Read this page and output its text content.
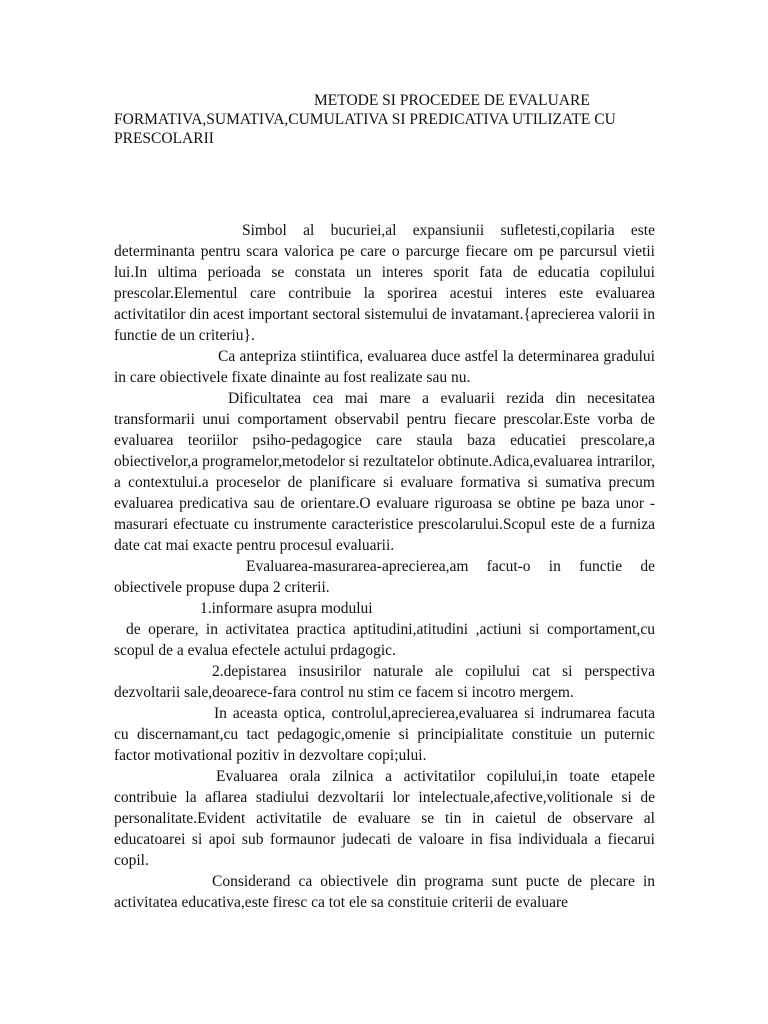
METODE SI PROCEDEE DE EVALUARE FORMATIVA,SUMATIVA,CUMULATIVA SI PREDICATIVA UTILIZATE CU PRESCOLARII

Simbol al bucuriei,al expansiunii sufletesti,copilaria este determinanta pentru scara valorica pe care o parcurge fiecare om pe parcursul vietii lui.In ultima perioada se constata un interes sporit fata de educatia copilului prescolar.Elementul care contribuie la sporirea acestui interes este evaluarea activitatilor din acest important sectoral sistemului de invatamant.{aprecierea valorii in functie de un criteriu}.

Ca antepriza stiintifica, evaluarea duce astfel la determinarea gradului in care obiectivele fixate dinainte au fost realizate sau nu.

Dificultatea cea mai mare a evaluarii rezida din necesitatea transformarii unui comportament observabil pentru fiecare prescolar.Este vorba de evaluarea teoriilor psiho-pedagogice care staula baza educatiei prescolare,a obiectivelor,a programelor,metodelor si rezultatelor obtinute.Adica,evaluarea intrarilor, a contextului.a proceselor de planificare si evaluare formativa si sumativa precum evaluarea predicativa sau de orientare.O evaluare riguroasa se obtine pe baza unor -masurari efectuate cu instrumente caracteristice prescolarului.Scopul este de a furniza date cat mai exacte pentru procesul evaluarii.

Evaluarea-masurarea-aprecierea,am facut-o in functie de obiectivele propuse dupa 2 criterii.

1.informare asupra modului

de operare, in activitatea practica aptitudini,atitudini ,actiuni si comportament,cu scopul de a evalua efectele actului prdagogic.

2.depistarea insusirilor naturale ale copilului cat si perspectiva dezvoltarii sale,deoarece-fara control nu stim ce facem si incotro mergem.

In aceasta optica, controlul,aprecierea,evaluarea si indrumarea facuta cu discernamant,cu tact pedagogic,omenie si principialitate constituie un puternic factor motivational pozitiv in dezvoltare copi;ului.

Evaluarea orala zilnica a activitatilor copilului,in toate etapele contribuie la aflarea stadiului dezvoltarii lor intelectuale,afective,volitionale si de personalitate.Evident activitatile de evaluare se tin in caietul de observare al educatoarei si apoi sub formaunor judecati de valoare in fisa individuala a fiecarui copil.

Considerand ca obiectivele din programa sunt pucte de plecare in activitatea educativa,este firesc ca tot ele sa constituie criterii de evaluare
